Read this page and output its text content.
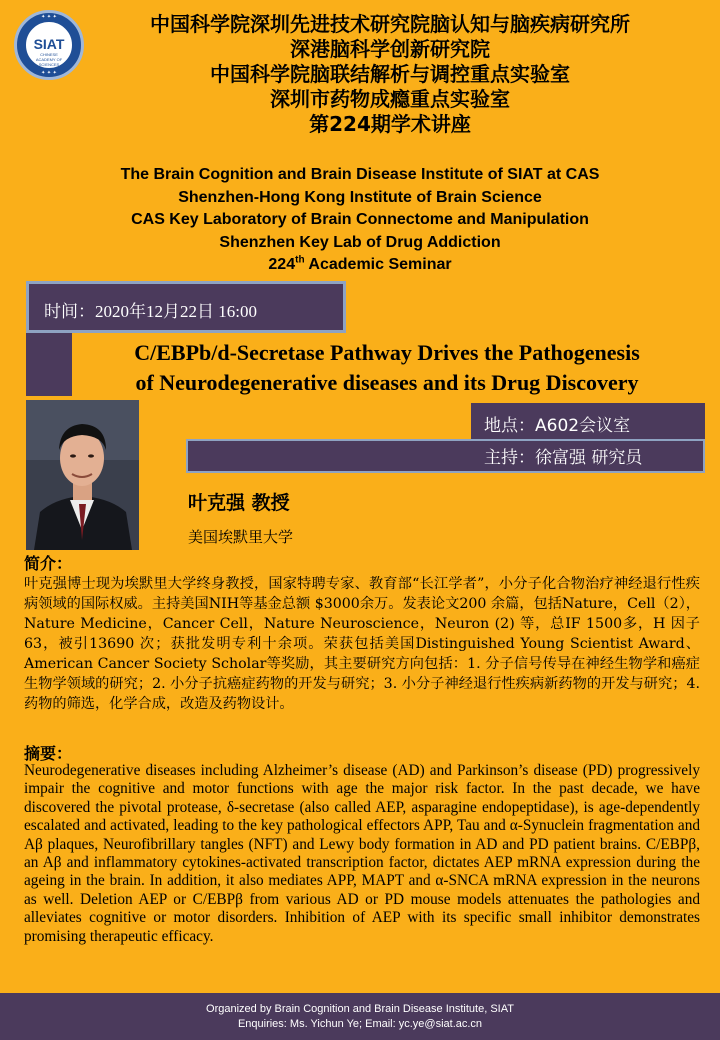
✦ ✦ ✦
SIAT
CHINESE
ACADEMY OF
SCIENCES
✦ ✦ ✦
中国科学院深圳先进技术研究院脑认知与脑疾病研究所
深港脑科学创新研究院
中国科学院脑联结解析与调控重点实验室
深圳市药物成瘾重点实验室
第224期学术讲座
The Brain Cognition and Brain Disease Institute of SIAT at CAS
Shenzhen-Hong Kong Institute of Brain Science
CAS Key Laboratory of Brain Connectome and Manipulation
Shenzhen Key Lab of Drug Addiction
224th Academic Seminar
时间：2020年12月22日 16:00
C/EBPb/d-Secretase Pathway Drives the Pathogenesis
of Neurodegenerative diseases and its Drug Discovery
地点：A602会议室
主持：徐富强 研究员
叶克强 教授
美国埃默里大学
简介：
叶克强博士现为埃默里大学终身教授，国家特聘专家、教育部“长江学者”，小分子化合物治疗神经退行性疾病领域的国际权威。主持美国NIH等基金总额 $3000余万。发表论文200 余篇，包括Nature，Cell（2），Nature Medicine，Cancer Cell，Nature Neuroscience，Neuron (2) 等，总IF 1500多，H 因子63，被引13690 次；获批发明专利十余项。荣获包括美国Distinguished Young Scientist Award、American Cancer Society Scholar等奖励，其主要研究方向包括：1. 分子信号传导在神经生物学和癌症生物学领域的研究；2. 小分子抗癌症药物的开发与研究；3. 小分子神经退行性疾病新药物的开发与研究；4. 药物的筛选，化学合成，改造及药物设计。
摘要：
Neurodegenerative diseases including Alzheimer’s disease (AD) and Parkinson’s disease (PD) progressively impair the cognitive and motor functions with age the major risk factor. In the past decade, we have discovered the pivotal protease, δ-secretase (also called AEP, asparagine endopeptidase), is age-dependently escalated and activated, leading to the key pathological effectors APP, Tau and α-Synuclein fragmentation and Aβ plaques, Neurofibrillary tangles (NFT) and Lewy body formation in AD and PD patient brains. C/EBPβ, an Aβ and inflammatory cytokines-activated transcription factor, dictates AEP mRNA expression during the ageing in the brain. In addition, it also mediates APP, MAPT and α-SNCA mRNA expression in the neurons as well. Deletion AEP or C/EBPβ from various AD or PD mouse models attenuates the pathologies and alleviates cognitive or motor disorders. Inhibition of AEP with its specific small inhibitor demonstrates promising therapeutic efficacy.
Organized by Brain Cognition and Brain Disease Institute, SIAT
Enquiries: Ms. Yichun Ye; Email: yc.ye@siat.ac.cn
